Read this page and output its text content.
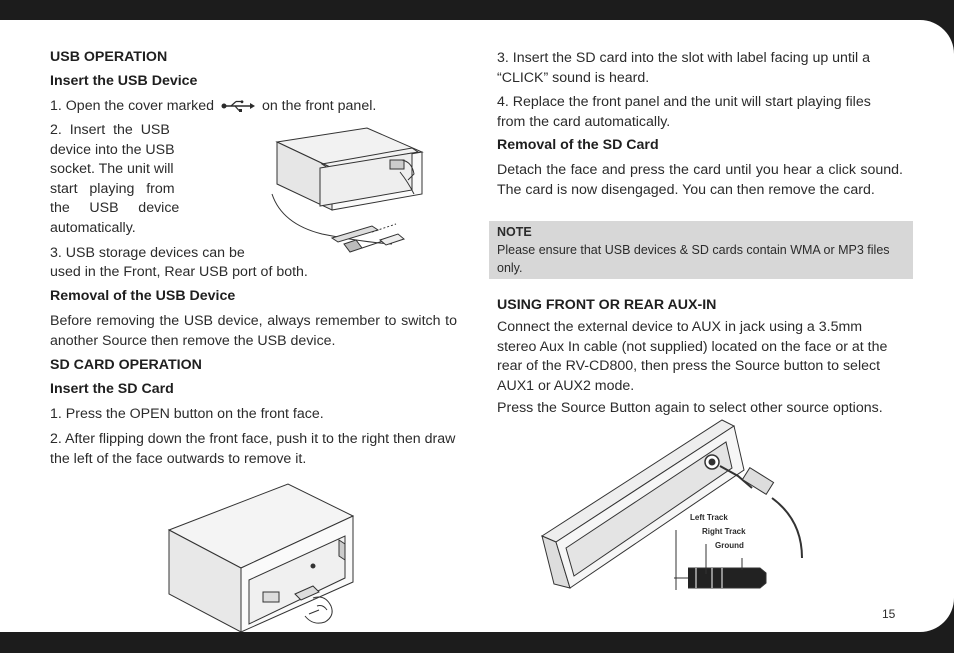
USB OPERATION
Insert the USB Device
1. Open the cover marked	on the front panel.
2.  Insert  the  USB
device into the USB
socket. The unit will
start   playing   from
the     USB     device
automatically.
3. USB storage devices can be
used in the Front, Rear USB port of both.
Removal of the USB Device
Before removing the USB device, always remember to switch to another Source then remove the USB device.
SD CARD OPERATION
Insert the SD Card
1. Press the OPEN button on the front face.
2. After flipping down the front face, push it to the right then draw the left of the face outwards to remove it.
3. Insert the SD card into the slot with label facing up until a “CLICK” sound is heard.
4. Replace the front panel and the unit will start playing files from the card automatically.
Removal of the SD Card
Detach the face and press the card until you hear a click sound. The card is now disengaged. You can then remove the card.
USING FRONT OR REAR AUX-IN
Connect the external device to AUX in jack using a 3.5mm stereo Aux In cable (not supplied) located on the face or at the rear of the RV-CD800, then press the Source button to select AUX1 or AUX2 mode.
Press the Source Button again to select other source options.
NOTE
Please ensure that USB devices & SD cards contain WMA or MP3 files only.
Left Track
Right Track
Ground
15
